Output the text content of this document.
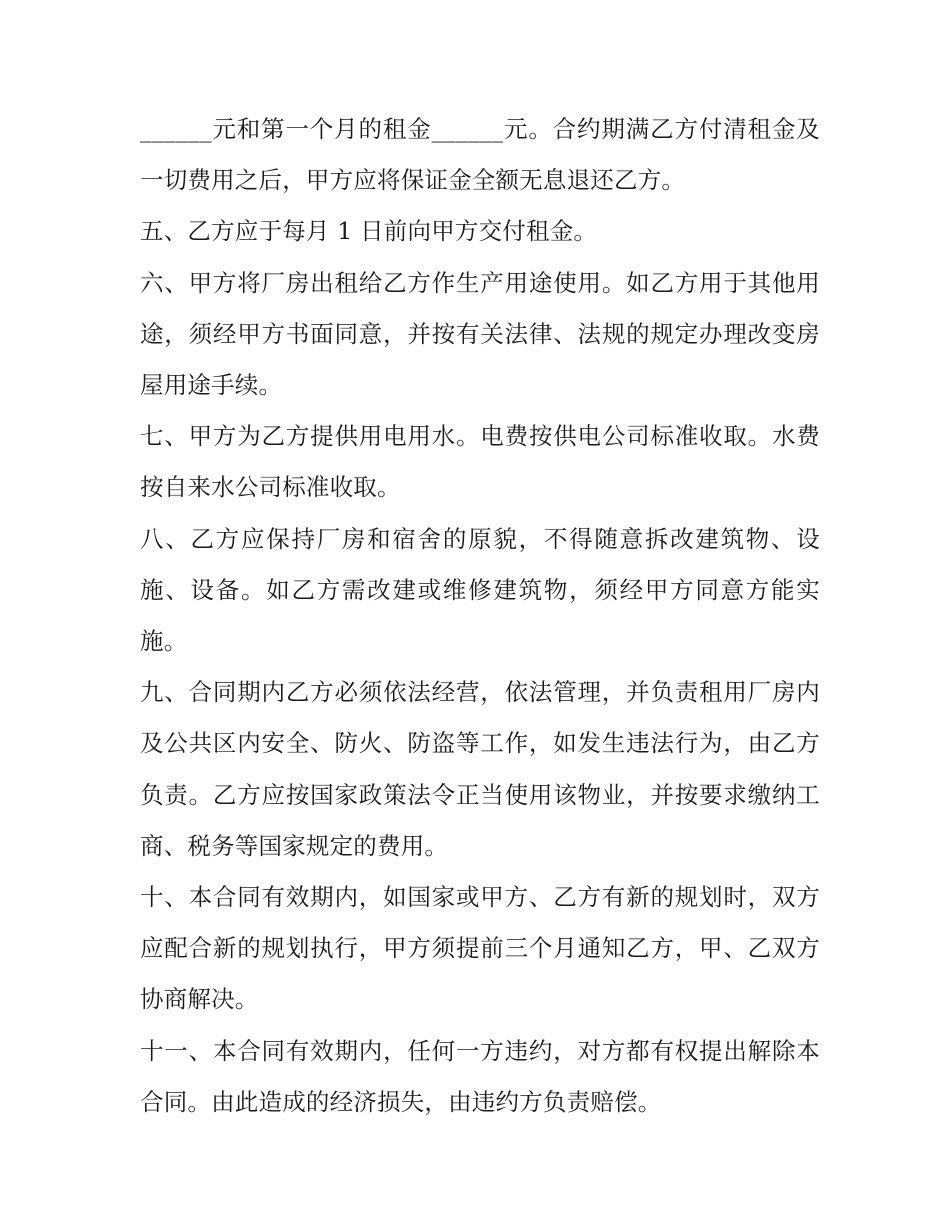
______元和第一个月的租金______元。合约期满乙方付清租金及一切费用之后，甲方应将保证金全额无息退还乙方。

五、乙方应于每月 1 日前向甲方交付租金。

六、甲方将厂房出租给乙方作生产用途使用。如乙方用于其他用途，须经甲方书面同意，并按有关法律、法规的规定办理改变房屋用途手续。

七、甲方为乙方提供用电用水。电费按供电公司标准收取。水费按自来水公司标准收取。

八、乙方应保持厂房和宿舍的原貌，不得随意拆改建筑物、设施、设备。如乙方需改建或维修建筑物，须经甲方同意方能实施。

九、合同期内乙方必须依法经营，依法管理，并负责租用厂房内及公共区内安全、防火、防盗等工作，如发生违法行为，由乙方负责。乙方应按国家政策法令正当使用该物业，并按要求缴纳工商、税务等国家规定的费用。

十、本合同有效期内，如国家或甲方、乙方有新的规划时，双方应配合新的规划执行，甲方须提前三个月通知乙方，甲、乙双方协商解决。

十一、本合同有效期内，任何一方违约，对方都有权提出解除本合同。由此造成的经济损失，由违约方负责赔偿。
